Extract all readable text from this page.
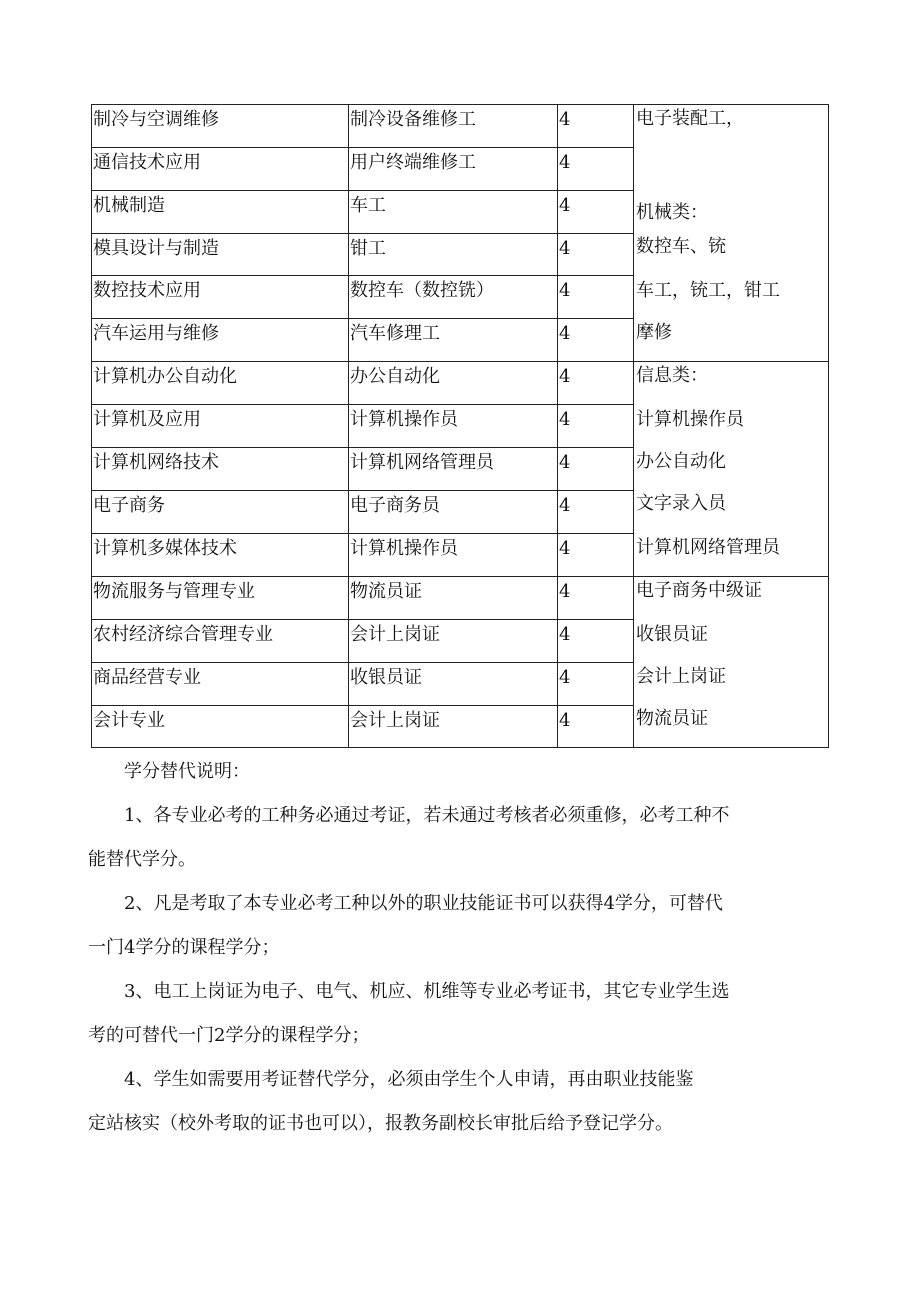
制冷与空调维修	制冷设备维修工	4	电子装配工，
机械类：
数控车、铳
车工，铳工，钳工
摩修

通信技术应用	用户终端维修工	4	
机械制造	车工	4	
模具设计与制造	钳工	4	
数控技术应用	数控车（数控铣）	4	
汽车运用与维修	汽车修理工	4	
计算机办公自动化	办公自动化	4	信息类：
计算机操作员
办公自动化
文字录入员
计算机网络管理员

计算机及应用	计算机操作员	4	
计算机网络技术	计算机网络管理员	4	
电子商务	电子商务员	4	
计算机多媒体技术	计算机操作员	4	
物流服务与管理专业	物流员证	4	电子商务中级证
收银员证
会计上岗证
物流员证

农村经济综合管理专业	会计上岗证	4	
商品经营专业	收银员证	4	
会计专业	会计上岗证	4	

学分替代说明：

1、各专业必考的工种务必通过考证，若未通过考核者必须重修，必考工种不

能替代学分。

2、凡是考取了本专业必考工种以外的职业技能证书可以获得4学分，可替代

一门4学分的课程学分；

3、电工上岗证为电子、电气、机应、机维等专业必考证书，其它专业学生选

考的可替代一门2学分的课程学分；

4、学生如需要用考证替代学分，必须由学生个人申请，再由职业技能鉴

定站核实（校外考取的证书也可以），报教务副校长审批后给予登记学分。
